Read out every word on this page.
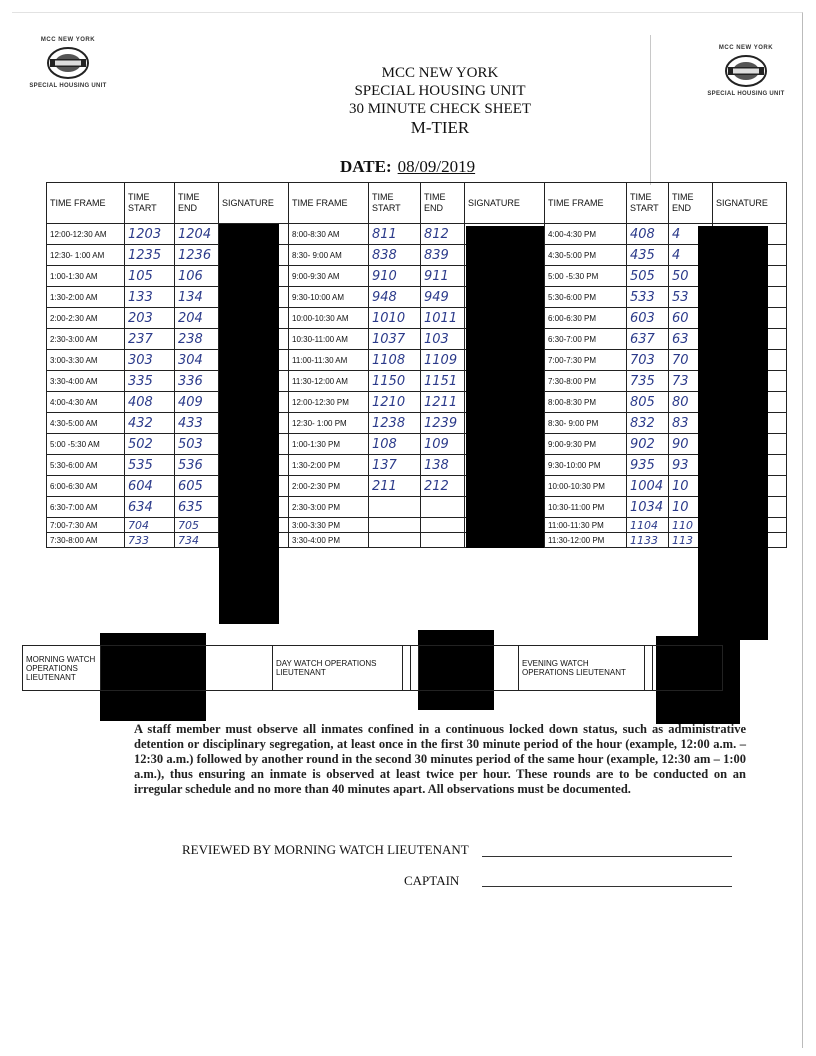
MCC NEW YORK
SPECIAL HOUSING UNIT
MCC NEW YORK
SPECIAL HOUSING UNIT
MCC NEW YORK
SPECIAL HOUSING UNIT
30 MINUTE CHECK SHEET
M-TIER
DATE: 08/09/2019
TIME FRAME	TIME START	TIME END	SIGNATURE	TIME FRAME	TIME START	TIME END	SIGNATURE	TIME FRAME	TIME START	TIME END	SIGNATURE
12:00-12:30 AM	1203	1204		8:00-8:30 AM	811	812		4:00-4:30 PM	408	4	
12:30- 1:00 AM	1235	1236		8:30- 9:00 AM	838	839		4:30-5:00 PM	435	4	
1:00-1:30 AM	105	106		9:00-9:30 AM	910	911		5:00 -5:30 PM	505	50	
1:30-2:00 AM	133	134		9:30-10:00 AM	948	949		5:30-6:00 PM	533	53	
2:00-2:30 AM	203	204		10:00-10:30 AM	1010	1011		6:00-6:30 PM	603	60	
2:30-3:00 AM	237	238		10:30-11:00 AM	1037	103		6:30-7:00 PM	637	63	
3:00-3:30 AM	303	304		11:00-11:30 AM	1108	1109		7:00-7:30 PM	703	70	
3:30-4:00 AM	335	336		11:30-12:00 AM	1150	1151		7:30-8:00 PM	735	73	
4:00-4:30 AM	408	409		12:00-12:30 PM	1210	1211		8:00-8:30 PM	805	80	
4:30-5:00 AM	432	433		12:30- 1:00 PM	1238	1239		8:30- 9:00 PM	832	83	
5:00 -5:30 AM	502	503		1:00-1:30 PM	108	109		9:00-9:30 PM	902	90	
5:30-6:00 AM	535	536		1:30-2:00 PM	137	138		9:30-10:00 PM	935	93	
6:00-6:30 AM	604	605		2:00-2:30 PM	211	212		10:00-10:30 PM	1004	10	
6:30-7:00 AM	634	635		2:30-3:00 PM				10:30-11:00 PM	1034	10	
7:00-7:30 AM	704	705		3:00-3:30 PM				11:00-11:30 PM	1104	110	
7:30-8:00 AM	733	734		3:30-4:00 PM				11:30-12:00 PM	1133	113	
MORNING WATCH OPERATIONS LIEUTENANT		DAY WATCH OPERATIONS LIEUTENANT				EVENING WATCH OPERATIONS LIEUTENANT		
A staff member must observe all inmates confined in a continuous locked down status, such as administrative detention or disciplinary segregation, at least once in the first 30 minute period of the hour (example, 12:00 a.m. – 12:30 a.m.) followed by another round in the second 30 minutes period of the same hour (example, 12:30 am – 1:00 a.m.), thus ensuring an inmate is observed at least twice per hour. These rounds are to be conducted on an irregular schedule and no more than 40 minutes apart. All observations must be documented.
REVIEWED BY MORNING WATCH LIEUTENANT
CAPTAIN
